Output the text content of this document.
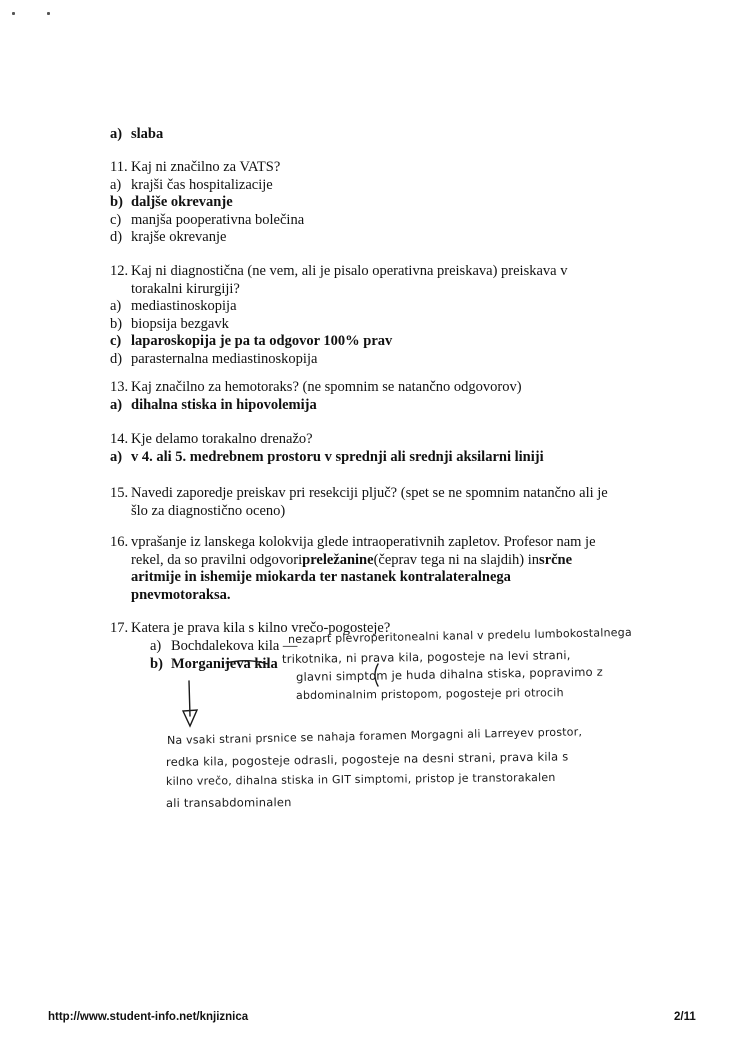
a) slaba
11. Kaj ni značilno za VATS?
a) krajši čas hospitalizacije
b) daljše okrevanje
c) manjša pooperativna bolečina
d) krajše okrevanje
12. Kaj ni diagnostična (ne vem, ali je pisalo operativna preiskava) preiskava v
torakalni kirurgiji?
a) mediastinoskopija
b) biopsija bezgavk
c) laparoskopija je pa ta odgovor 100% prav
d) parasternalna mediastinoskopija
13. Kaj značilno za hemotoraks? (ne spomnim se natančno odgovorov)
a) dihalna stiska in hipovolemija
14. Kje delamo torakalno drenažo?
a) v 4. ali 5. medrebnem prostoru v sprednji ali srednji aksilarni liniji
15. Navedi zaporedje preiskav pri resekciji pljuč? (spet se ne spomnim natančno ali je
šlo za diagnostično oceno)
16. vprašanje iz lanskega kolokvija glede intraoperativnih zapletov. Profesor nam je
rekel, da so pravilni odgovori preležanine (čeprav tega ni na slajdih) in srčne
aritmije in ishemije miokarda ter nastanek kontralateralnega
pnevmotoraksa.
17. Katera je prava kila s kilno vrečo-pogosteje?
a) Bochdalekova kila —
b) Morganijeva kila
nezaprt plevroperitonealni kanal v predelu lumbokostalnega
trikotnika, ni prava kila, pogosteje na levi strani,
glavni simptom je huda dihalna stiska, popravimo z
abdominalnim pristopom, pogosteje pri otrocih
Na vsaki strani prsnice se nahaja foramen Morgagni ali Larreyev prostor,
redka kila, pogosteje odrasli, pogosteje na desni strani, prava kila s
kilno vrečo, dihalna stiska in GIT simptomi, pristop je transtorakalen
ali transabdominalen
http://www.student-info.net/knjiznica	2/11
